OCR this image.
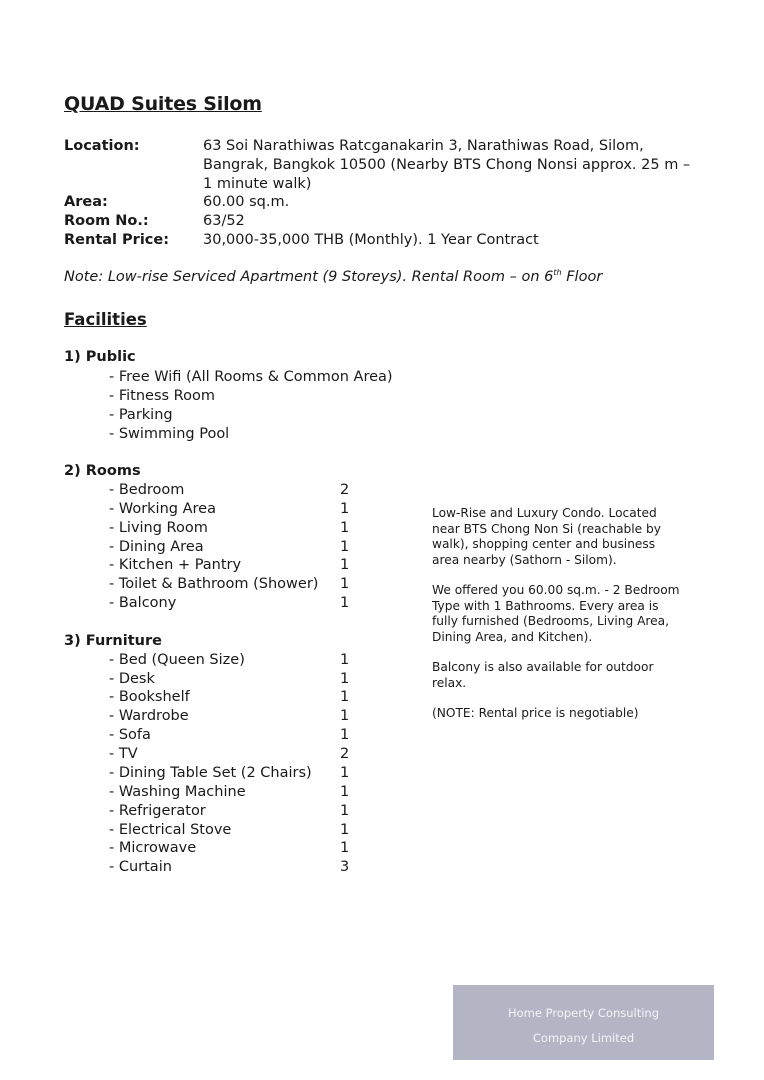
QUAD Suites Silom
Location:	63 Soi Narathiwas Ratcganakarin 3, Narathiwas Road, Silom,
Bangrak, Bangkok 10500 (Nearby BTS Chong Nonsi approx. 25 m –
1 minute walk)
Area:	60.00 sq.m.
Room No.:	63/52
Rental Price: 30,000-35,000 THB (Monthly). 1 Year Contract
Note: Low-rise Serviced Apartment (9 Storeys). Rental Room – on 6th Floor
Facilities
1) Public
- Free Wifi (All Rooms & Common Area)
- Fitness Room
- Parking
- Swimming Pool
2) Rooms
- Bedroom	2
- Working Area	1
- Living Room	1
- Dining Area	1
- Kitchen + Pantry	1
- Toilet & Bathroom (Shower) 1
- Balcony	1
3) Furniture
- Bed (Queen Size)	1
- Desk	1
- Bookshelf	1
- Wardrobe	1
- Sofa	1
- TV	2
- Dining Table Set (2 Chairs) 1
- Washing Machine	1
- Refrigerator	1
- Electrical Stove	1
- Microwave	1
- Curtain	3

Low-Rise and Luxury Condo. Located
near BTS Chong Non Si (reachable by
walk), shopping center and business
area nearby (Sathorn - Silom).

We offered you 60.00 sq.m. - 2 Bedroom
Type with 1 Bathrooms. Every area is
fully furnished (Bedrooms, Living Area,
Dining Area, and Kitchen).

Balcony is also available for outdoor
relax.

(NOTE: Rental price is negotiable)

Home Property Consulting
Company Limited
